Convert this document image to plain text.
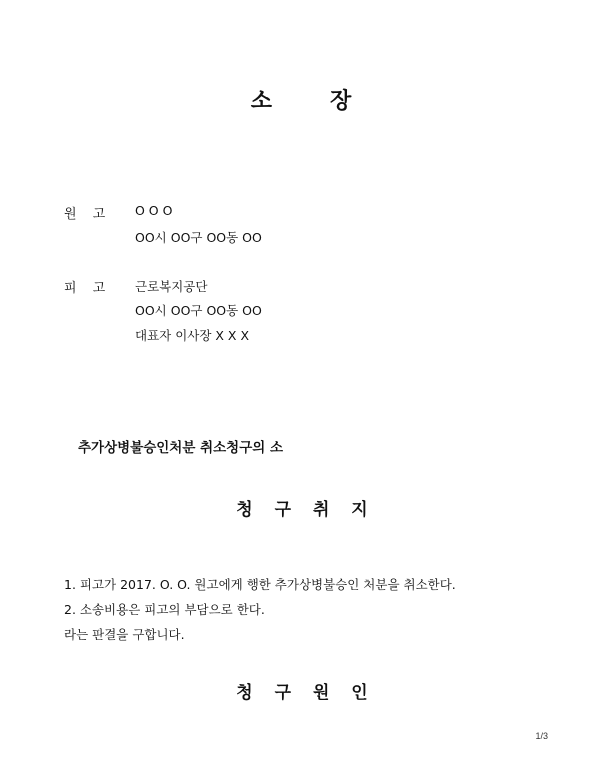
소	장
원 고 O O O
OO시 OO구 OO동 OO
피 고 근로복지공단
OO시 OO구 OO동 OO
대표자 이사장 X X X
추가상병불승인처분 취소청구의 소
청 구 취 지
1. 피고가 2017. O. O. 원고에게 행한 추가상병불승인 처분을 취소한다.
2. 소송비용은 피고의 부담으로 한다.
라는 판결을 구합니다.
청 구 원 인
1/3
